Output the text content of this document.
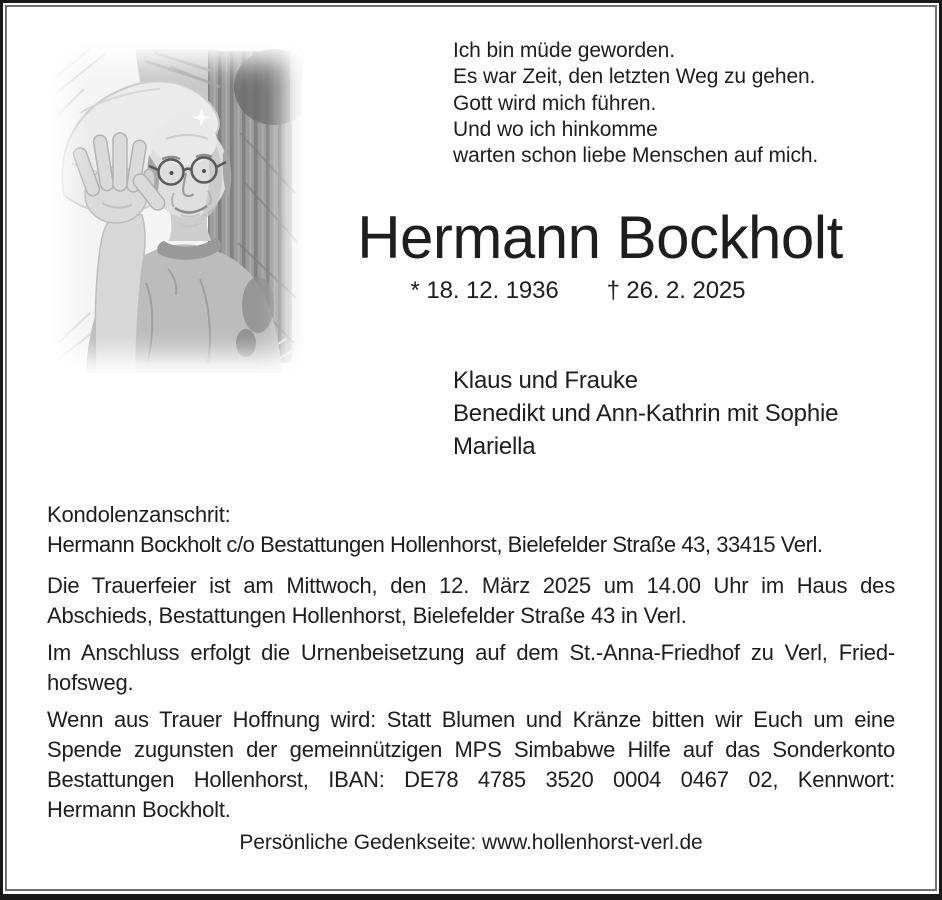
Ich bin müde geworden.
Es war Zeit, den letzten Weg zu gehen.
Gott wird mich führen.
Und wo ich hinkomme
warten schon liebe Menschen auf mich.
Hermann Bockholt
* 18. 12. 1936 † 26. 2. 2025
Klaus und Frauke
Benedikt und Ann-Kathrin mit Sophie
Mariella
Kondolenzanschrit:
Hermann Bockholt c/o Bestattungen Hollenhorst, Bielefelder Straße 43, 33415 Verl.
Die Trauerfeier ist am Mittwoch, den 12. März 2025 um 14.00 Uhr im Haus des
Abschieds, Bestattungen Hollenhorst, Bielefelder Straße 43 in Verl.
Im Anschluss erfolgt die Urnenbeisetzung auf dem St.-Anna-Friedhof zu Verl, Fried-
hofsweg.
Wenn aus Trauer Hoffnung wird: Statt Blumen und Kränze bitten wir Euch um eine
Spende zugunsten der gemeinnützigen MPS Simbabwe Hilfe auf das Sonderkonto
Bestattungen Hollenhorst, IBAN: DE78 4785 3520 0004 0467 02, Kennwort:
Hermann Bockholt.
Persönliche Gedenkseite: www.hollenhorst-verl.de
